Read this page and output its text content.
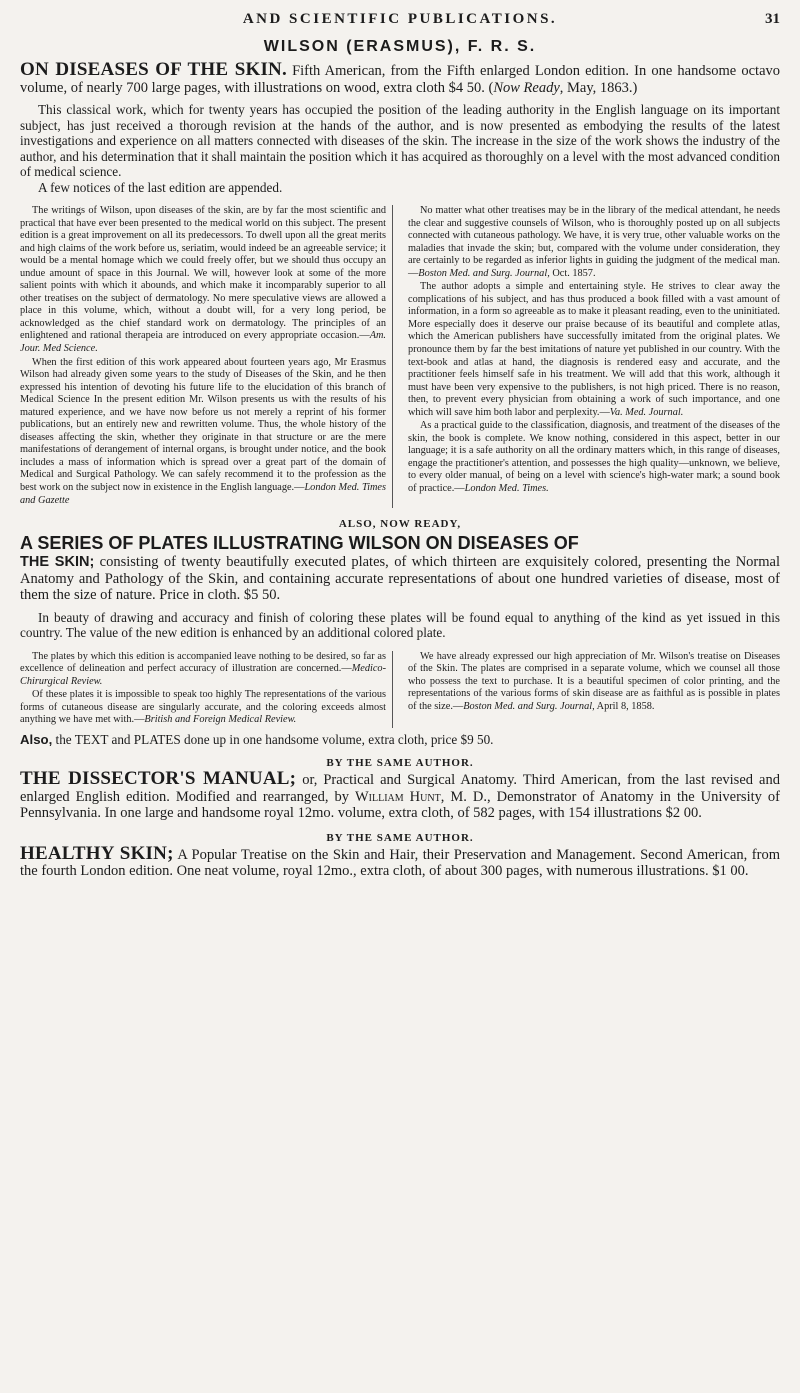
AND SCIENTIFIC PUBLICATIONS.	31
WILSON (ERASMUS), F. R. S.

ON DISEASES OF THE SKIN. Fifth American, from the Fifth enlarged London edition. In one handsome octavo volume, of nearly 700 large pages, with illustrations on wood, extra cloth $4 50. (Now Ready, May, 1863.)

This classical work, which for twenty years has occupied the position of the leading authority in the English language on its important subject, has just received a thorough revision at the hands of the author, and is now presented as embodying the results of the latest investigations and experience on all matters connected with diseases of the skin. The increase in the size of the work shows the industry of the author, and his determination that it shall maintain the position which it has acquired as thoroughly on a level with the most advanced condition of medical science.

A few notices of the last edition are appended.

The writings of Wilson, upon diseases of the skin, are by far the most scientific and practical that have ever been presented to the medical world on this subject. The present edition is a great improvement on all its predecessors. To dwell upon all the great merits and high claims of the work before us, seriatim, would indeed be an agreeable service; it would be a mental homage which we could freely offer, but we should thus occupy an undue amount of space in this Journal. We will, however look at some of the more salient points with which it abounds, and which make it incomparably superior to all other treatises on the subject of dermatology. No mere speculative views are allowed a place in this volume, which, without a doubt will, for a very long period, be acknowledged as the chief standard work on dermatology. The principles of an enlightened and rational therapeia are introduced on every appropriate occasion.—Am. Jour. Med Science.

When the first edition of this work appeared about fourteen years ago, Mr Erasmus Wilson had already given some years to the study of Diseases of the Skin, and he then expressed his intention of devoting his future life to the elucidation of this branch of Medical Science In the present edition Mr. Wilson presents us with the results of his matured experience, and we have now before us not merely a reprint of his former publications, but an entirely new and rewritten volume. Thus, the whole history of the diseases affecting the skin, whether they originate in that structure or are the mere manifestations of derangement of internal organs, is brought under notice, and the book includes a mass of information which is spread over a great part of the domain of Medical and Surgical Pathology. We can safely recommend it to the profession as the best work on the subject now in existence in the English language.—London Med. Times and Gazette

No matter what other treatises may be in the library of the medical attendant, he needs the clear and suggestive counsels of Wilson, who is thoroughly posted up on all subjects connected with cutaneous pathology. We have, it is very true, other valuable works on the maladies that invade the skin; but, compared with the volume under consideration, they are certainly to be regarded as inferior lights in guiding the judgment of the medical man.—Boston Med. and Surg. Journal, Oct. 1857.

The author adopts a simple and entertaining style. He strives to clear away the complications of his subject, and has thus produced a book filled with a vast amount of information, in a form so agreeable as to make it pleasant reading, even to the uninitiated. More especially does it deserve our praise because of its beautiful and complete atlas, which the American publishers have successfully imitated from the original plates. We pronounce them by far the best imitations of nature yet published in our country. With the text-book and atlas at hand, the diagnosis is rendered easy and accurate, and the practitioner feels himself safe in his treatment. We will add that this work, although it must have been very expensive to the publishers, is not high priced. There is no reason, then, to prevent every physician from obtaining a work of such importance, and one which will save him both labor and perplexity.—Va. Med. Journal.

As a practical guide to the classification, diagnosis, and treatment of the diseases of the skin, the book is complete. We know nothing, considered in this aspect, better in our language; it is a safe authority on all the ordinary matters which, in this range of diseases, engage the practitioner's attention, and possesses the high quality—unknown, we believe, to every older manual, of being on a level with science's high-water mark; a sound book of practice.—London Med. Times.

ALSO, NOW READY,
A SERIES OF PLATES ILLUSTRATING WILSON ON DISEASES OF

THE SKIN; consisting of twenty beautifully executed plates, of which thirteen are exquisitely colored, presenting the Normal Anatomy and Pathology of the Skin, and containing accurate representations of about one hundred varieties of disease, most of them the size of nature. Price in cloth. $5 50.

In beauty of drawing and accuracy and finish of coloring these plates will be found equal to anything of the kind as yet issued in this country. The value of the new edition is enhanced by an additional colored plate.

The plates by which this edition is accompanied leave nothing to be desired, so far as excellence of delineation and perfect accuracy of illustration are concerned.—Medico-Chirurgical Review.

Of these plates it is impossible to speak too highly The representations of the various forms of cutaneous disease are singularly accurate, and the coloring exceeds almost anything we have met with.—British and Foreign Medical Review.

We have already expressed our high appreciation of Mr. Wilson's treatise on Diseases of the Skin. The plates are comprised in a separate volume, which we counsel all those who possess the text to purchase. It is a beautiful specimen of color printing, and the representations of the various forms of skin disease are as faithful as is possible in plates of the size.—Boston Med. and Surg. Journal, April 8, 1858.

Also, the TEXT and PLATES done up in one handsome volume, extra cloth, price $9 50.

BY THE SAME AUTHOR.

THE DISSECTOR'S MANUAL; or, Practical and Surgical Anatomy. Third American, from the last revised and enlarged English edition. Modified and rearranged, by William Hunt, M. D., Demonstrator of Anatomy in the University of Pennsylvania. In one large and handsome royal 12mo. volume, extra cloth, of 582 pages, with 154 illustrations $2 00.

BY THE SAME AUTHOR.

HEALTHY SKIN; A Popular Treatise on the Skin and Hair, their Preservation and Management. Second American, from the fourth London edition. One neat volume, royal 12mo., extra cloth, of about 300 pages, with numerous illustrations. $1 00.
